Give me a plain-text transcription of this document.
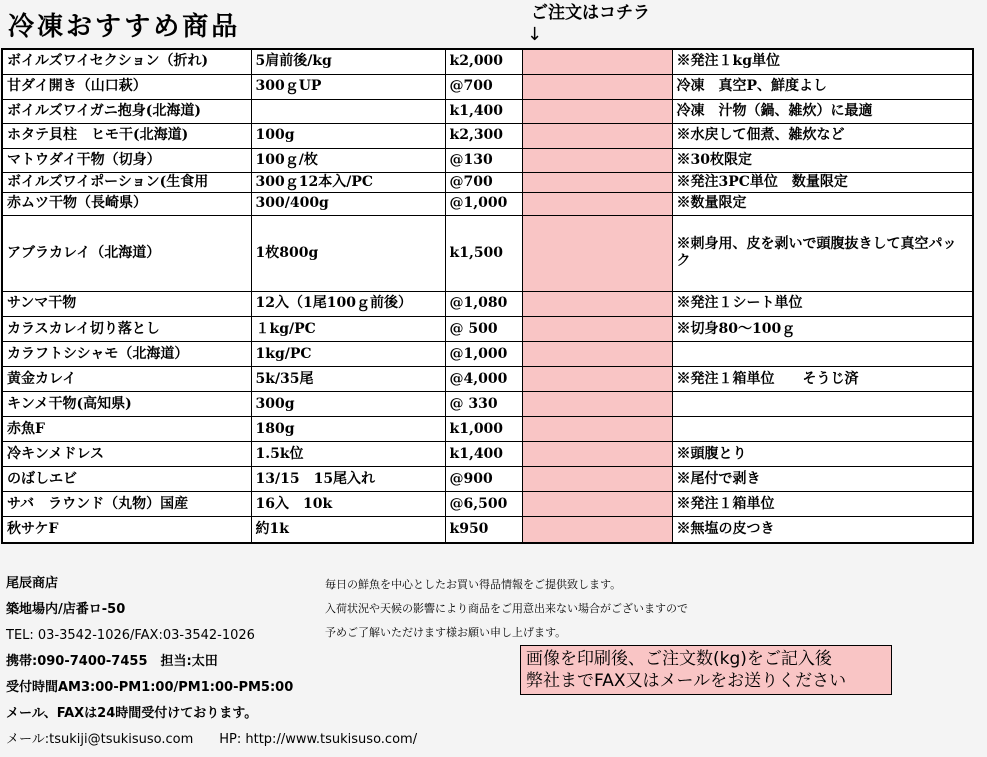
冷凍おすすめ商品	ご注文はコチラ
↓
ボイルズワイセクション（折れ)	5肩前後/kg	k2,000		※発注１kg単位
甘ダイ開き（山口萩）	300ｇUP	@700		冷凍　真空P、鮮度よし
ボイルズワイガニ抱身(北海道)		k1,400		冷凍　汁物（鍋、雑炊）に最適
ホタテ貝柱　ヒモ干(北海道)	100g	k2,300		※水戻して佃煮、雑炊など
マトウダイ干物（切身）	100ｇ/枚	@130		※30枚限定
ボイルズワイポーション(生食用	300ｇ12本入/PC	@700		※発注3PC単位　数量限定
赤ムツ干物（長崎県）	300/400g	@1,000		※数量限定
アブラカレイ（北海道）	1枚800g	k1,500		※刺身用、皮を剥いで頭腹抜きして真空パック
サンマ干物	12入（1尾100ｇ前後）	@1,080		※発注１シート単位
カラスカレイ切り落とし	１kg/PC	@ 500		※切身80～100ｇ
カラフトシシャモ（北海道）	1kg/PC	@1,000		
黄金カレイ	5k/35尾	@4,000		※発注１箱単位　　そうじ済
キンメ干物(高知県)	300g	@ 330		
赤魚F	180g	k1,000		
冷キンメドレス	1.5k位	k1,400		※頭腹とり
のばしエビ	13/15　15尾入れ	@900		※尾付で剥き
サバ　ラウンド（丸物）国産	16入　10k	@6,500		※発注１箱単位
秋サケF	約1k	k950		※無塩の皮つき
尾辰商店
築地場内/店番ロ-50
TEL: 03-3542-1026/FAX:03-3542-1026
携帯:090-7400-7455　担当:太田
受付時間AM3:00-PM1:00/PM1:00-PM5:00
メール、FAXは24時間受付けております。
メール:tsukiji@tsukisuso.com　　HP: http://www.tsukisuso.com/
毎日の鮮魚を中心としたお買い得品情報をご提供致します。
入荷状況や天候の影響により商品をご用意出来ない場合がございますので
予めご了解いただけます様お願い申し上げます。
画像を印刷後、ご注文数(kg)をご記入後
弊社までFAX又はメールをお送りください
